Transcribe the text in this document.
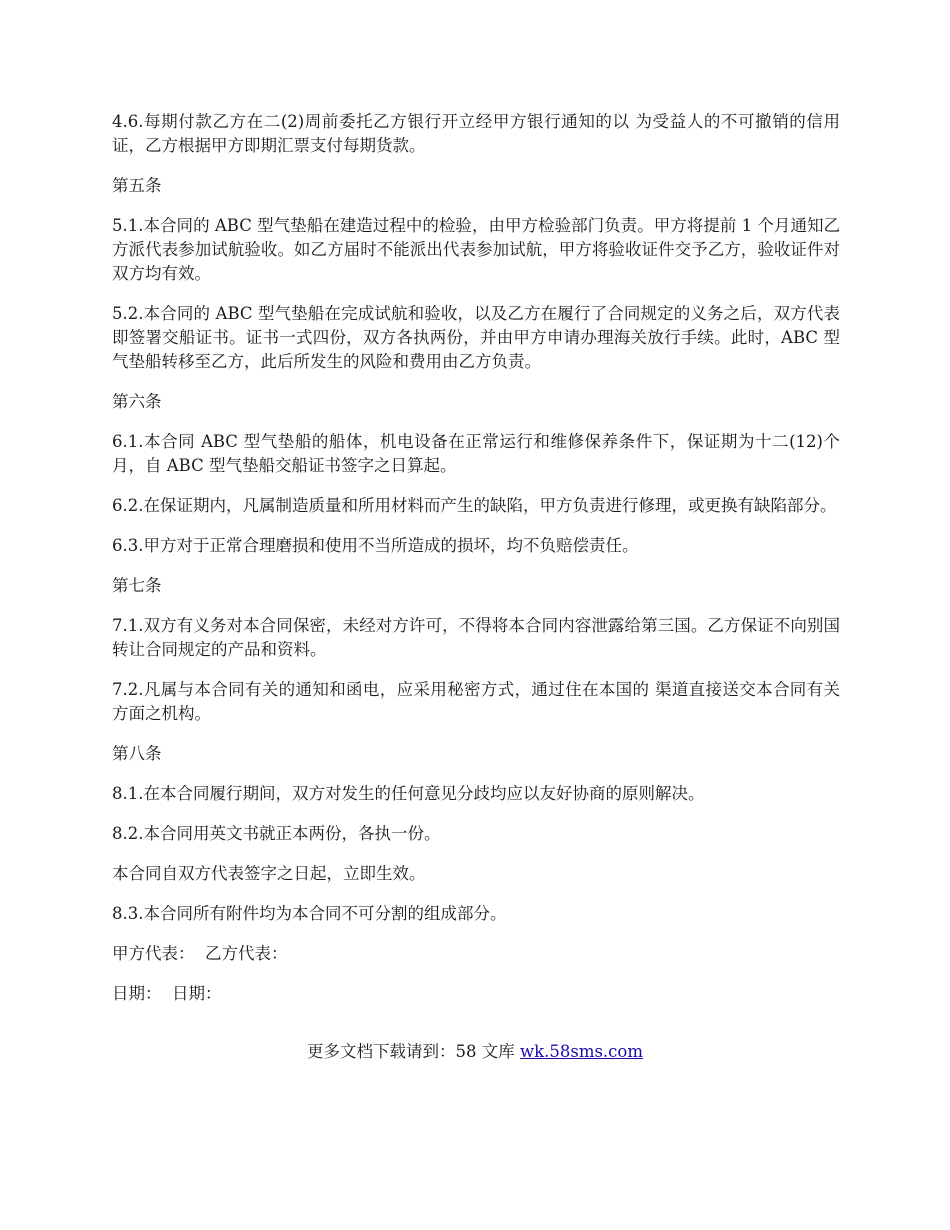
4.6.每期付款乙方在二(2)周前委托乙方银行开立经甲方银行通知的以 为受益人的不可撤销的信用证，乙方根据甲方即期汇票支付每期货款。

第五条

5.1.本合同的 ABC 型气垫船在建造过程中的检验，由甲方检验部门负责。甲方将提前 1 个月通知乙方派代表参加试航验收。如乙方届时不能派出代表参加试航，甲方将验收证件交予乙方，验收证件对双方均有效。

5.2.本合同的 ABC 型气垫船在完成试航和验收，以及乙方在履行了合同规定的义务之后，双方代表即签署交船证书。证书一式四份，双方各执两份，并由甲方申请办理海关放行手续。此时，ABC 型气垫船转移至乙方，此后所发生的风险和费用由乙方负责。

第六条

6.1.本合同 ABC 型气垫船的船体，机电设备在正常运行和维修保养条件下，保证期为十二(12)个月，自 ABC 型气垫船交船证书签字之日算起。

6.2.在保证期内，凡属制造质量和所用材料而产生的缺陷，甲方负责进行修理，或更换有缺陷部分。

6.3.甲方对于正常合理磨损和使用不当所造成的损坏，均不负赔偿责任。

第七条

7.1.双方有义务对本合同保密，未经对方许可，不得将本合同内容泄露给第三国。乙方保证不向别国转让合同规定的产品和资料。

7.2.凡属与本合同有关的通知和函电，应采用秘密方式，通过住在本国的 渠道直接送交本合同有关方面之机构。

第八条

8.1.在本合同履行期间，双方对发生的任何意见分歧均应以友好协商的原则解决。

8.2.本合同用英文书就正本两份，各执一份。

本合同自双方代表签字之日起，立即生效。

8.3.本合同所有附件均为本合同不可分割的组成部分。

甲方代表：  乙方代表：

日期：  日期：

更多文档下载请到：58 文库 wk.58sms.com
